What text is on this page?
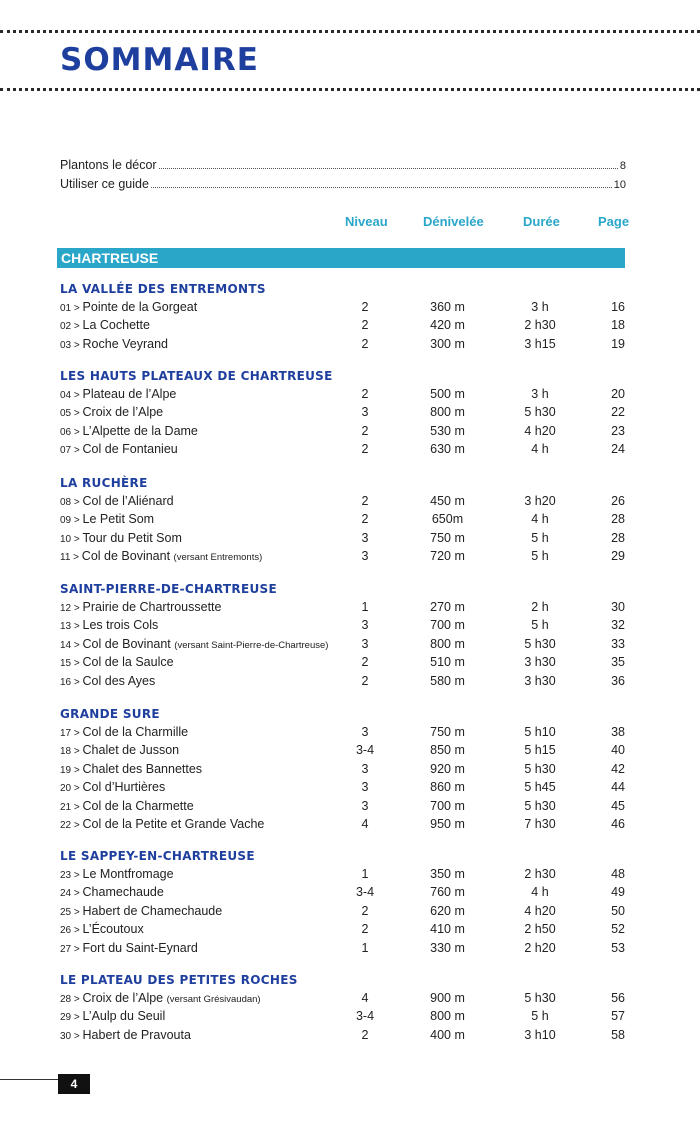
SOMMAIRE
Plantons le décor	8
Utiliser ce guide	10
Niveau	Dénivelée	Durée	Page
CHARTREUSE
LA VALLÉE DES ENTREMONTS
01 > Pointe de la Gorgeat	2	360 m	3 h	16
02 > La Cochette	2	420 m	2 h30	18
03 > Roche Veyrand	2	300 m	3 h15	19
LES HAUTS PLATEAUX DE CHARTREUSE
04 > Plateau de l’Alpe	2	500 m	3 h	20
05 > Croix de l’Alpe	3	800 m	5 h30	22
06 > L’Alpette de la Dame	2	530 m	4 h20	23
07 > Col de Fontanieu	2	630 m	4 h	24
LA RUCHÈRE
08 > Col de l’Aliénard	2	450 m	3 h20	26
09 > Le Petit Som	2	650m	4 h	28
10 > Tour du Petit Som	3	750 m	5 h	28
11 > Col de Bovinant (versant Entremonts)	3	720 m	5 h	29
SAINT-PIERRE-DE-CHARTREUSE
12 > Prairie de Chartroussette	1	270 m	2 h	30
13 > Les trois Cols	3	700 m	5 h	32
14 > Col de Bovinant (versant Saint-Pierre-de-Chartreuse)	3	800 m	5 h30	33
15 > Col de la Saulce	2	510 m	3 h30	35
16 > Col des Ayes	2	580 m	3 h30	36
GRANDE SURE
17 > Col de la Charmille	3	750 m	5 h10	38
18 > Chalet de Jusson	3-4	850 m	5 h15	40
19 > Chalet des Bannettes	3	920 m	5 h30	42
20 > Col d’Hurtières	3	860 m	5 h45	44
21 > Col de la Charmette	3	700 m	5 h30	45
22 > Col de la Petite et Grande Vache	4	950 m	7 h30	46
LE SAPPEY-EN-CHARTREUSE
23 > Le Montfromage	1	350 m	2 h30	48
24 > Chamechaude	3-4	760 m	4 h	49
25 > Habert de Chamechaude	2	620 m	4 h20	50
26 > L’Écoutoux	2	410 m	2 h50	52
27 > Fort du Saint-Eynard	1	330 m	2 h20	53
LE PLATEAU DES PETITES ROCHES
28 > Croix de l’Alpe (versant Grésivaudan)	4	900 m	5 h30	56
29 > L’Aulp du Seuil	3-4	800 m	5 h	57
30 > Habert de Pravouta	2	400 m	3 h10	58
4
